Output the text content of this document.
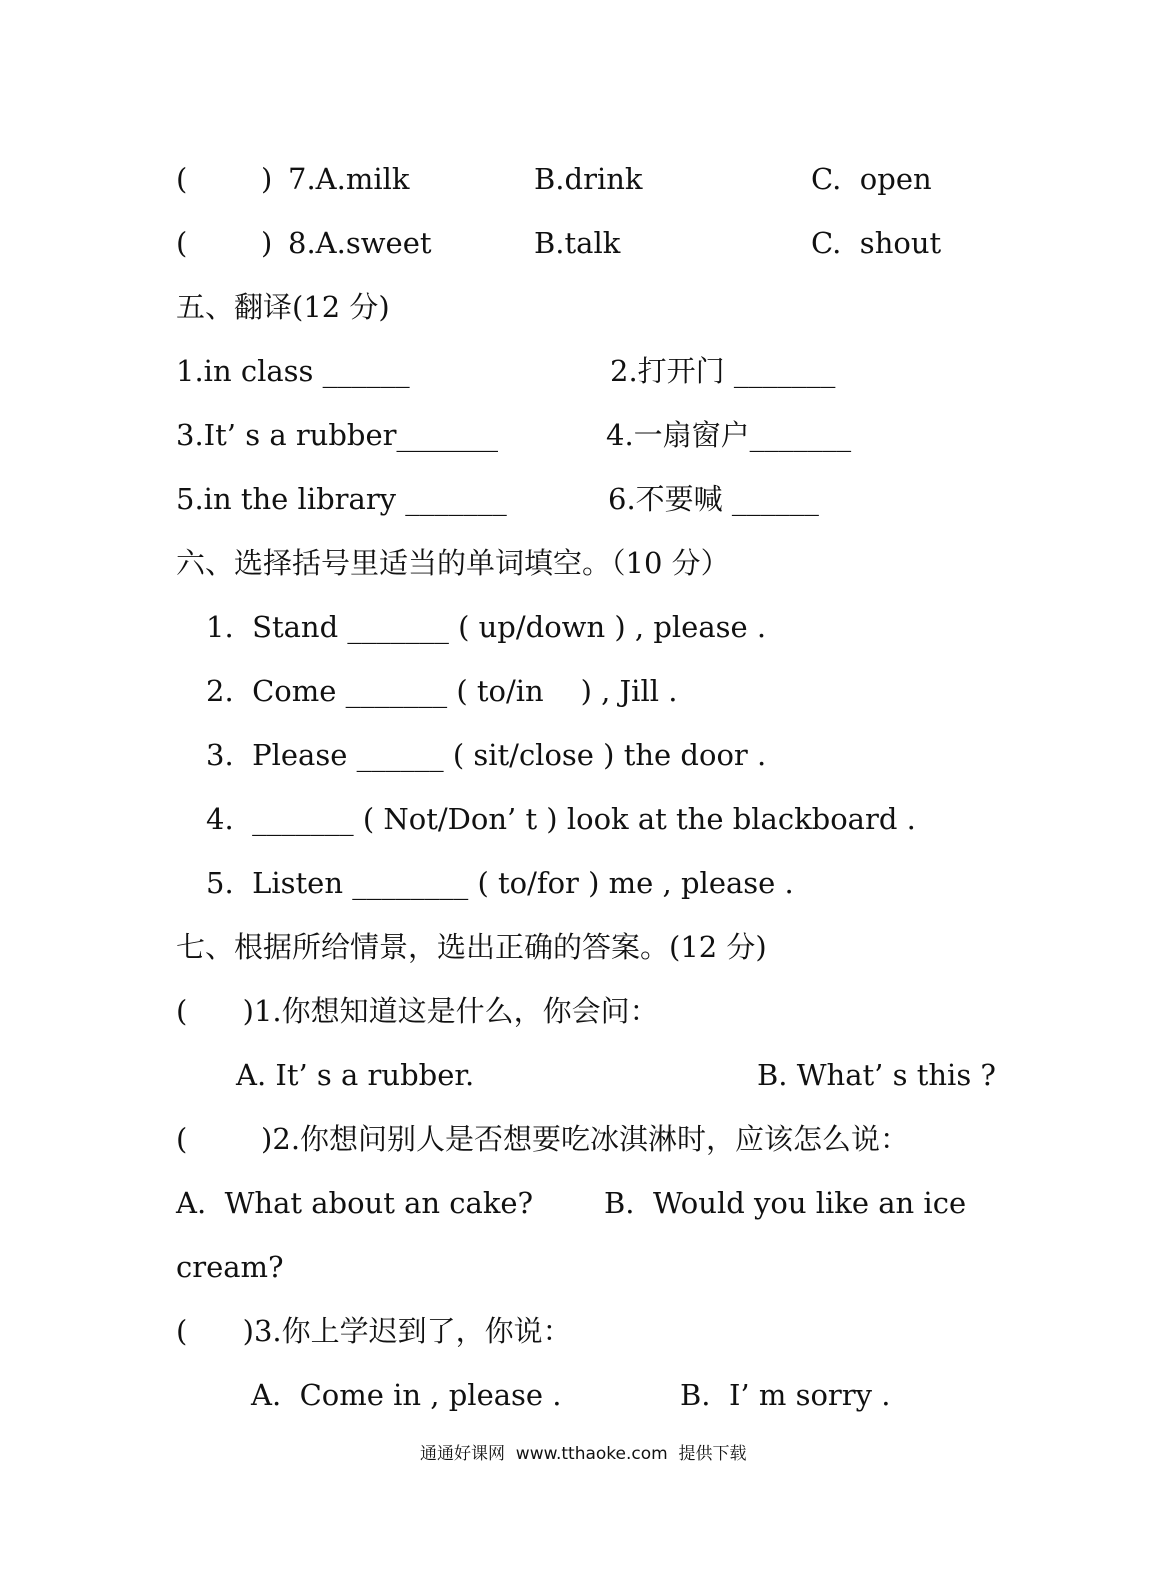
(        ) 7.A.milk	B.drink	C.  open
(        ) 8.A.sweet	B.talk	C.  shout
五、翻译(12 分)
1.in class ______	2.打开门 _______
3.It’ s a rubber_______	4.一扇窗户_______
5.in the library _______	6.不要喊 ______
六、选择括号里适当的单词填空。（10 分）
1.  Stand _______ ( up/down ) , please .
2.  Come _______ ( to/in    ) , Jill .
3.  Please ______ ( sit/close ) the door .
4.  _______ ( Not/Don’ t ) look at the blackboard .
5.  Listen ________ ( to/for ) me , please .
七、根据所给情景，选出正确的答案。(12 分)
(      )1.你想知道这是什么，你会问：
A. It’ s a rubber.	B. What’ s this ?
(        )2.你想问别人是否想要吃冰淇淋时，应该怎么说：
A.  What about an cake? B.  Would you like an ice
cream?
(      )3.你上学迟到了，你说：
A.  Come in , please .	B.  I’ m sorry .
通通好课网  www.tthaoke.com  提供下载
